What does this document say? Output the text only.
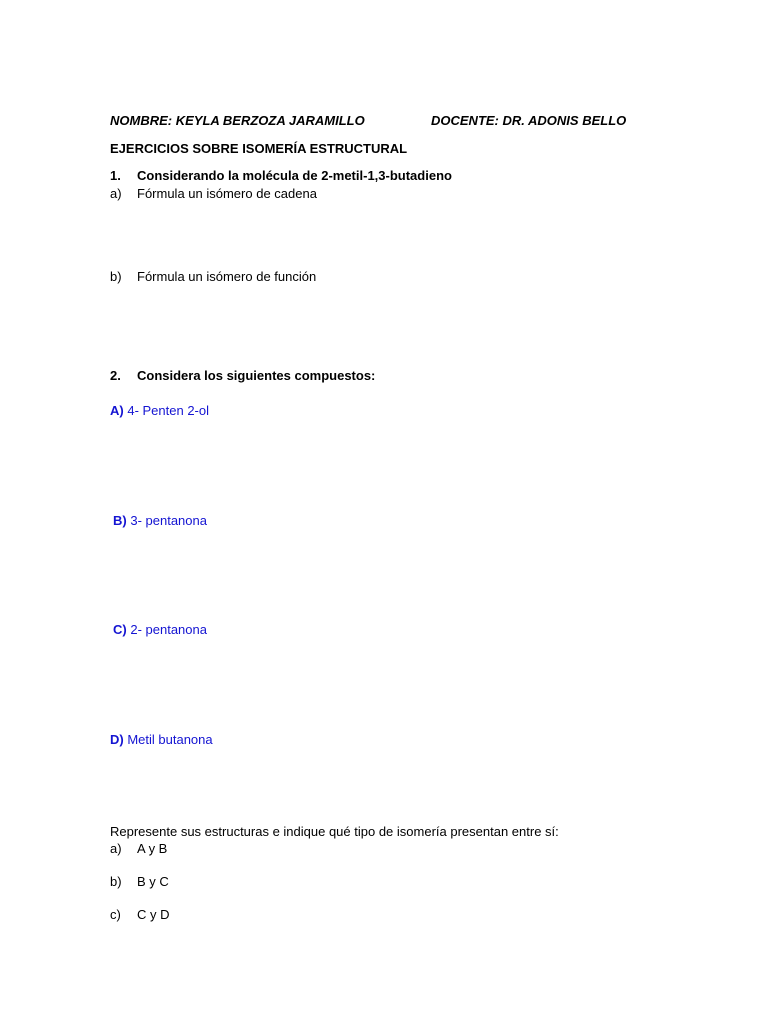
NOMBRE: KEYLA BERZOZA JARAMILLO	DOCENTE: DR. ADONIS BELLO
EJERCICIOS SOBRE ISOMERÍA ESTRUCTURAL
1. Considerando la molécula de 2-metil-1,3-butadieno
a) Fórmula un isómero de cadena
b) Fórmula un isómero de función
2. Considera los siguientes compuestos:
A) 4- Penten 2-ol
B) 3- pentanona
C) 2- pentanona
D) Metil butanona
Represente sus estructuras e indique qué tipo de isomería presentan entre sí:
a) A y B
b) B y C
c) C y D
